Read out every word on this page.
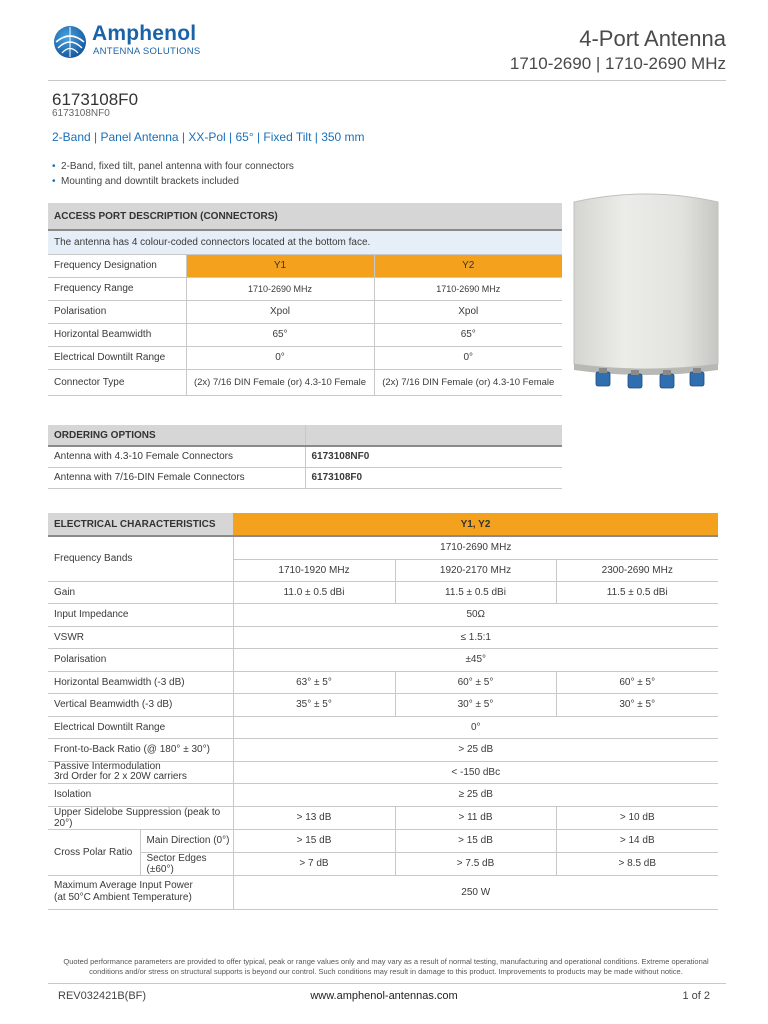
Amphenol
ANTENNA SOLUTIONS
4-Port Antenna
1710-2690 | 1710-2690 MHz
6173108F0
6173108NF0
2-Band | Panel Antenna | XX-Pol | 65° | Fixed Tilt | 350 mm
• 2-Band, fixed tilt, panel antenna with four connectors
• Mounting and downtilt brackets included
ACCESS PORT DESCRIPTION (CONNECTORS)		
The antenna has 4 colour-coded connectors located at the bottom face.		
Frequency Designation	Y1	Y2
Frequency Range	1710-2690 MHz	1710-2690 MHz
Polarisation	Xpol	Xpol
Horizontal Beamwidth	65°	65°
Electrical Downtilt Range	0°	0°
Connector Type	(2x) 7/16 DIN Female (or) 4.3-10 Female	(2x) 7/16 DIN Female (or) 4.3-10 Female
ORDERING OPTIONS	
Antenna with 4.3-10 Female Connectors	6173108NF0
Antenna with 7/16-DIN Female Connectors	6173108F0
ELECTRICAL CHARACTERISTICS		Y1, Y2		
Frequency Bands		1710-2690 MHz		
		1710-1920 MHz	1920-2170 MHz	2300-2690 MHz
Gain		11.0 ± 0.5 dBi	11.5 ± 0.5 dBi	11.5 ± 0.5 dBi
Input Impedance		50Ω		
VSWR		≤ 1.5:1		
Polarisation		±45°		
Horizontal Beamwidth (-3 dB)		63° ± 5°	60° ± 5°	60° ± 5°
Vertical Beamwidth (-3 dB)		35° ± 5°	30° ± 5°	30° ± 5°
Electrical Downtilt Range		0°		
Front-to-Back Ratio (@ 180° ± 30°)		> 25 dB		
Passive Intermodulation
3rd Order for 2 x 20W carriers		< -150 dBc		
Isolation		≥ 25 dB		
Upper Sidelobe Suppression (peak to 20°)		> 13 dB	> 11 dB	> 10 dB
Cross Polar Ratio	Main Direction (0°)	> 15 dB	> 15 dB	> 14 dB
	Sector Edges (±60°)	> 7 dB	> 7.5 dB	> 8.5 dB
Maximum Average Input Power
(at 50°C Ambient Temperature)		250 W		
Quoted performance parameters are provided to offer typical, peak or range values only and may vary as a result of normal testing, manufacturing and operational conditions. Extreme operational conditions and/or stress on structural supports is beyond our control. Such conditions may result in damage to this product. Improvements to products may be made without notice.
REV032421B(BF)	www.amphenol-antennas.com	1 of 2
